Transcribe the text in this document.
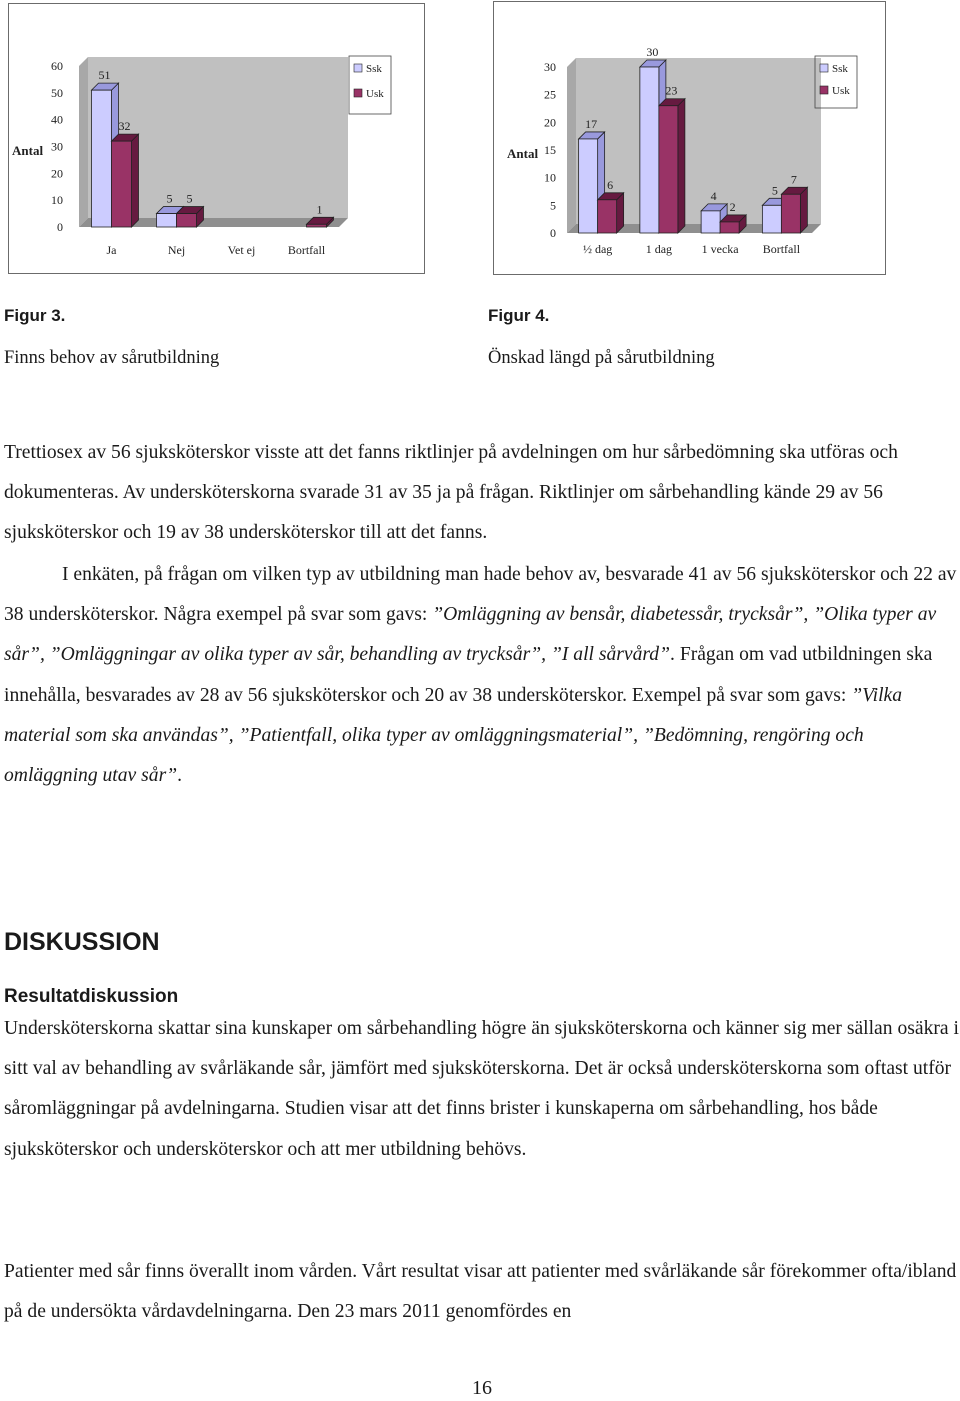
0
10
20
30
40
50
60
Antal
Ja
51
32
Nej
5 5
Vet ej	Bortfall
1
Ssk
Usk
0
5
10
15
20
25
30
Antal
½ dag
17
6
1 dag
30
23
1 vecka
4
2
Bortfall
5
7
Ssk
Usk
Figur 3.
Finns behov av sårutbildning
Figur 4.
Önskad längd på sårutbildning

Trettiosex av 56 sjuksköterskor visste att det fanns riktlinjer på avdelningen om hur sårbedömning ska utföras och dokumenteras. Av undersköterskorna svarade 31 av 35 ja på frågan. Riktlinjer om sårbehandling kände 29 av 56 sjuksköterskor och 19 av 38 undersköterskor till att det fanns.

I enkäten, på frågan om vilken typ av utbildning man hade behov av, besvarade 41 av 56 sjuksköterskor och 22 av 38 undersköterskor. Några exempel på svar som gavs: ”Omläggning av bensår, diabetessår, trycksår”, ”Olika typer av sår”, ”Omläggningar av olika typer av sår, behandling av trycksår”, ”I all sårvård”. Frågan om vad utbildningen ska innehålla, besvarades av 28 av 56 sjuksköterskor och 20 av 38 undersköterskor. Exempel på svar som gavs: ”Vilka material som ska användas”, ”Patientfall, olika typer av omläggningsmaterial”, ”Bedömning, rengöring och omläggning utav sår”.

DISKUSSION
Resultatdiskussion

Undersköterskorna skattar sina kunskaper om sårbehandling högre än sjuksköterskorna och känner sig mer sällan osäkra i sitt val av behandling av svårläkande sår, jämfört med sjuksköterskorna. Det är också undersköterskorna som oftast utför såromläggningar på avdelningarna. Studien visar att det finns brister i kunskaperna om sårbehandling, hos både sjuksköterskor och undersköterskor och att mer utbildning behövs.

Patienter med sår finns överallt inom vården. Vårt resultat visar att patienter med svårläkande sår förekommer ofta/ibland på de undersökta vårdavdelningarna. Den 23 mars 2011 genomfördes en

16
